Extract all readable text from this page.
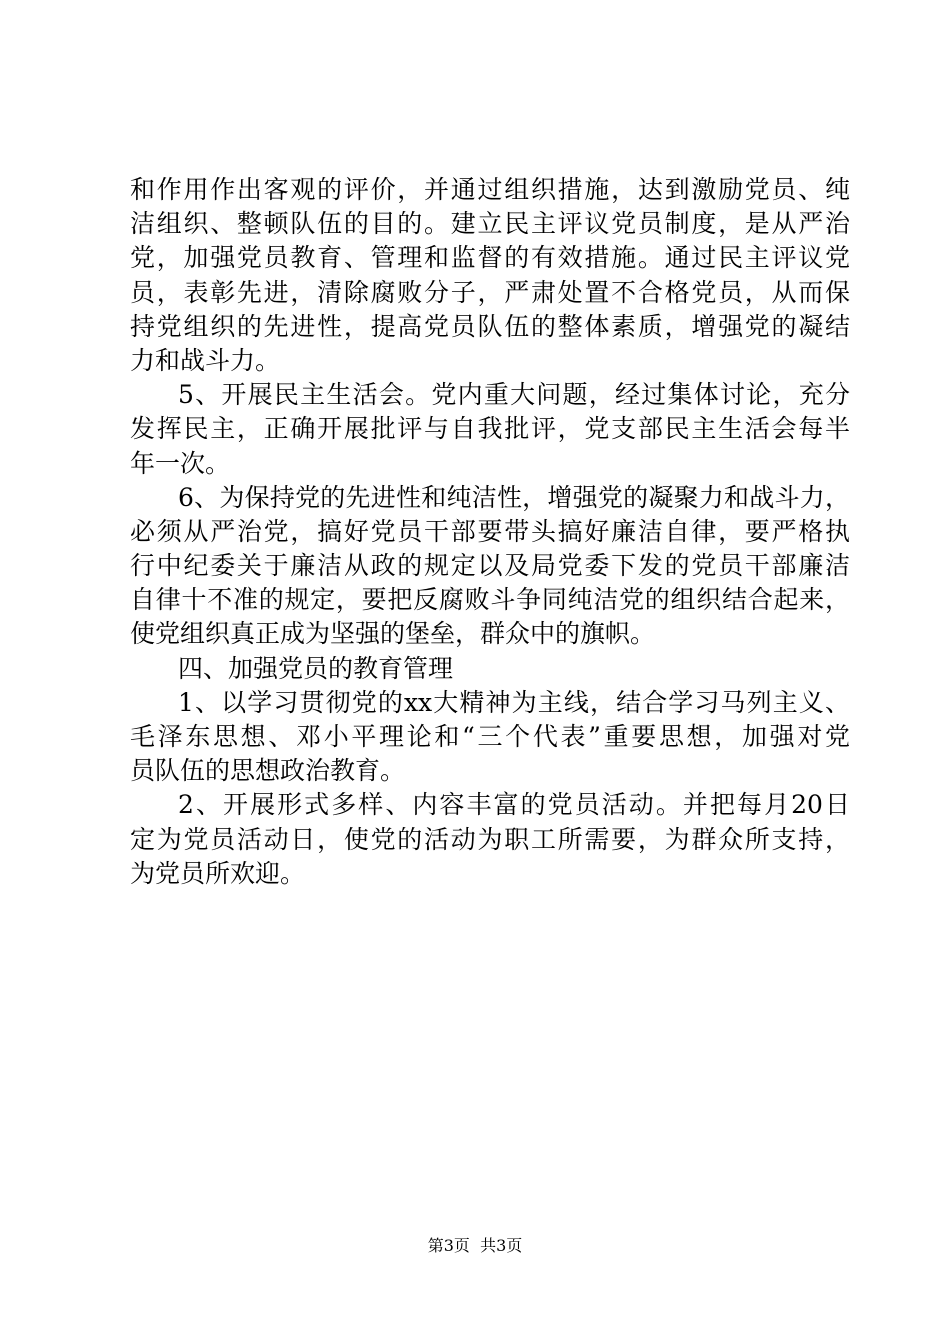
和作用作出客观的评价，并通过组织措施，达到激励党员、纯
洁组织、整顿队伍的目的。建立民主评议党员制度，是从严治
党，加强党员教育、管理和监督的有效措施。通过民主评议党
员，表彰先进，清除腐败分子，严肃处置不合格党员，从而保
持党组织的先进性，提高党员队伍的整体素质，增强党的凝结
力和战斗力。
5、开展民主生活会。党内重大问题，经过集体讨论，充分
发挥民主，正确开展批评与自我批评，党支部民主生活会每半
年一次。
6、为保持党的先进性和纯洁性，增强党的凝聚力和战斗力，
必须从严治党，搞好党员干部要带头搞好廉洁自律，要严格执
行中纪委关于廉洁从政的规定以及局党委下发的党员干部廉洁
自律十不准的规定，要把反腐败斗争同纯洁党的组织结合起来，
使党组织真正成为坚强的堡垒，群众中的旗帜。
四、加强党员的教育管理
1、以学习贯彻党的xx大精神为主线，结合学习马列主义、
毛泽东思想、邓小平理论和“三个代表”重要思想，加强对党
员队伍的思想政治教育。
2、开展形式多样、内容丰富的党员活动。并把每月20日
定为党员活动日，使党的活动为职工所需要，为群众所支持，
为党员所欢迎。
第3页  共3页
